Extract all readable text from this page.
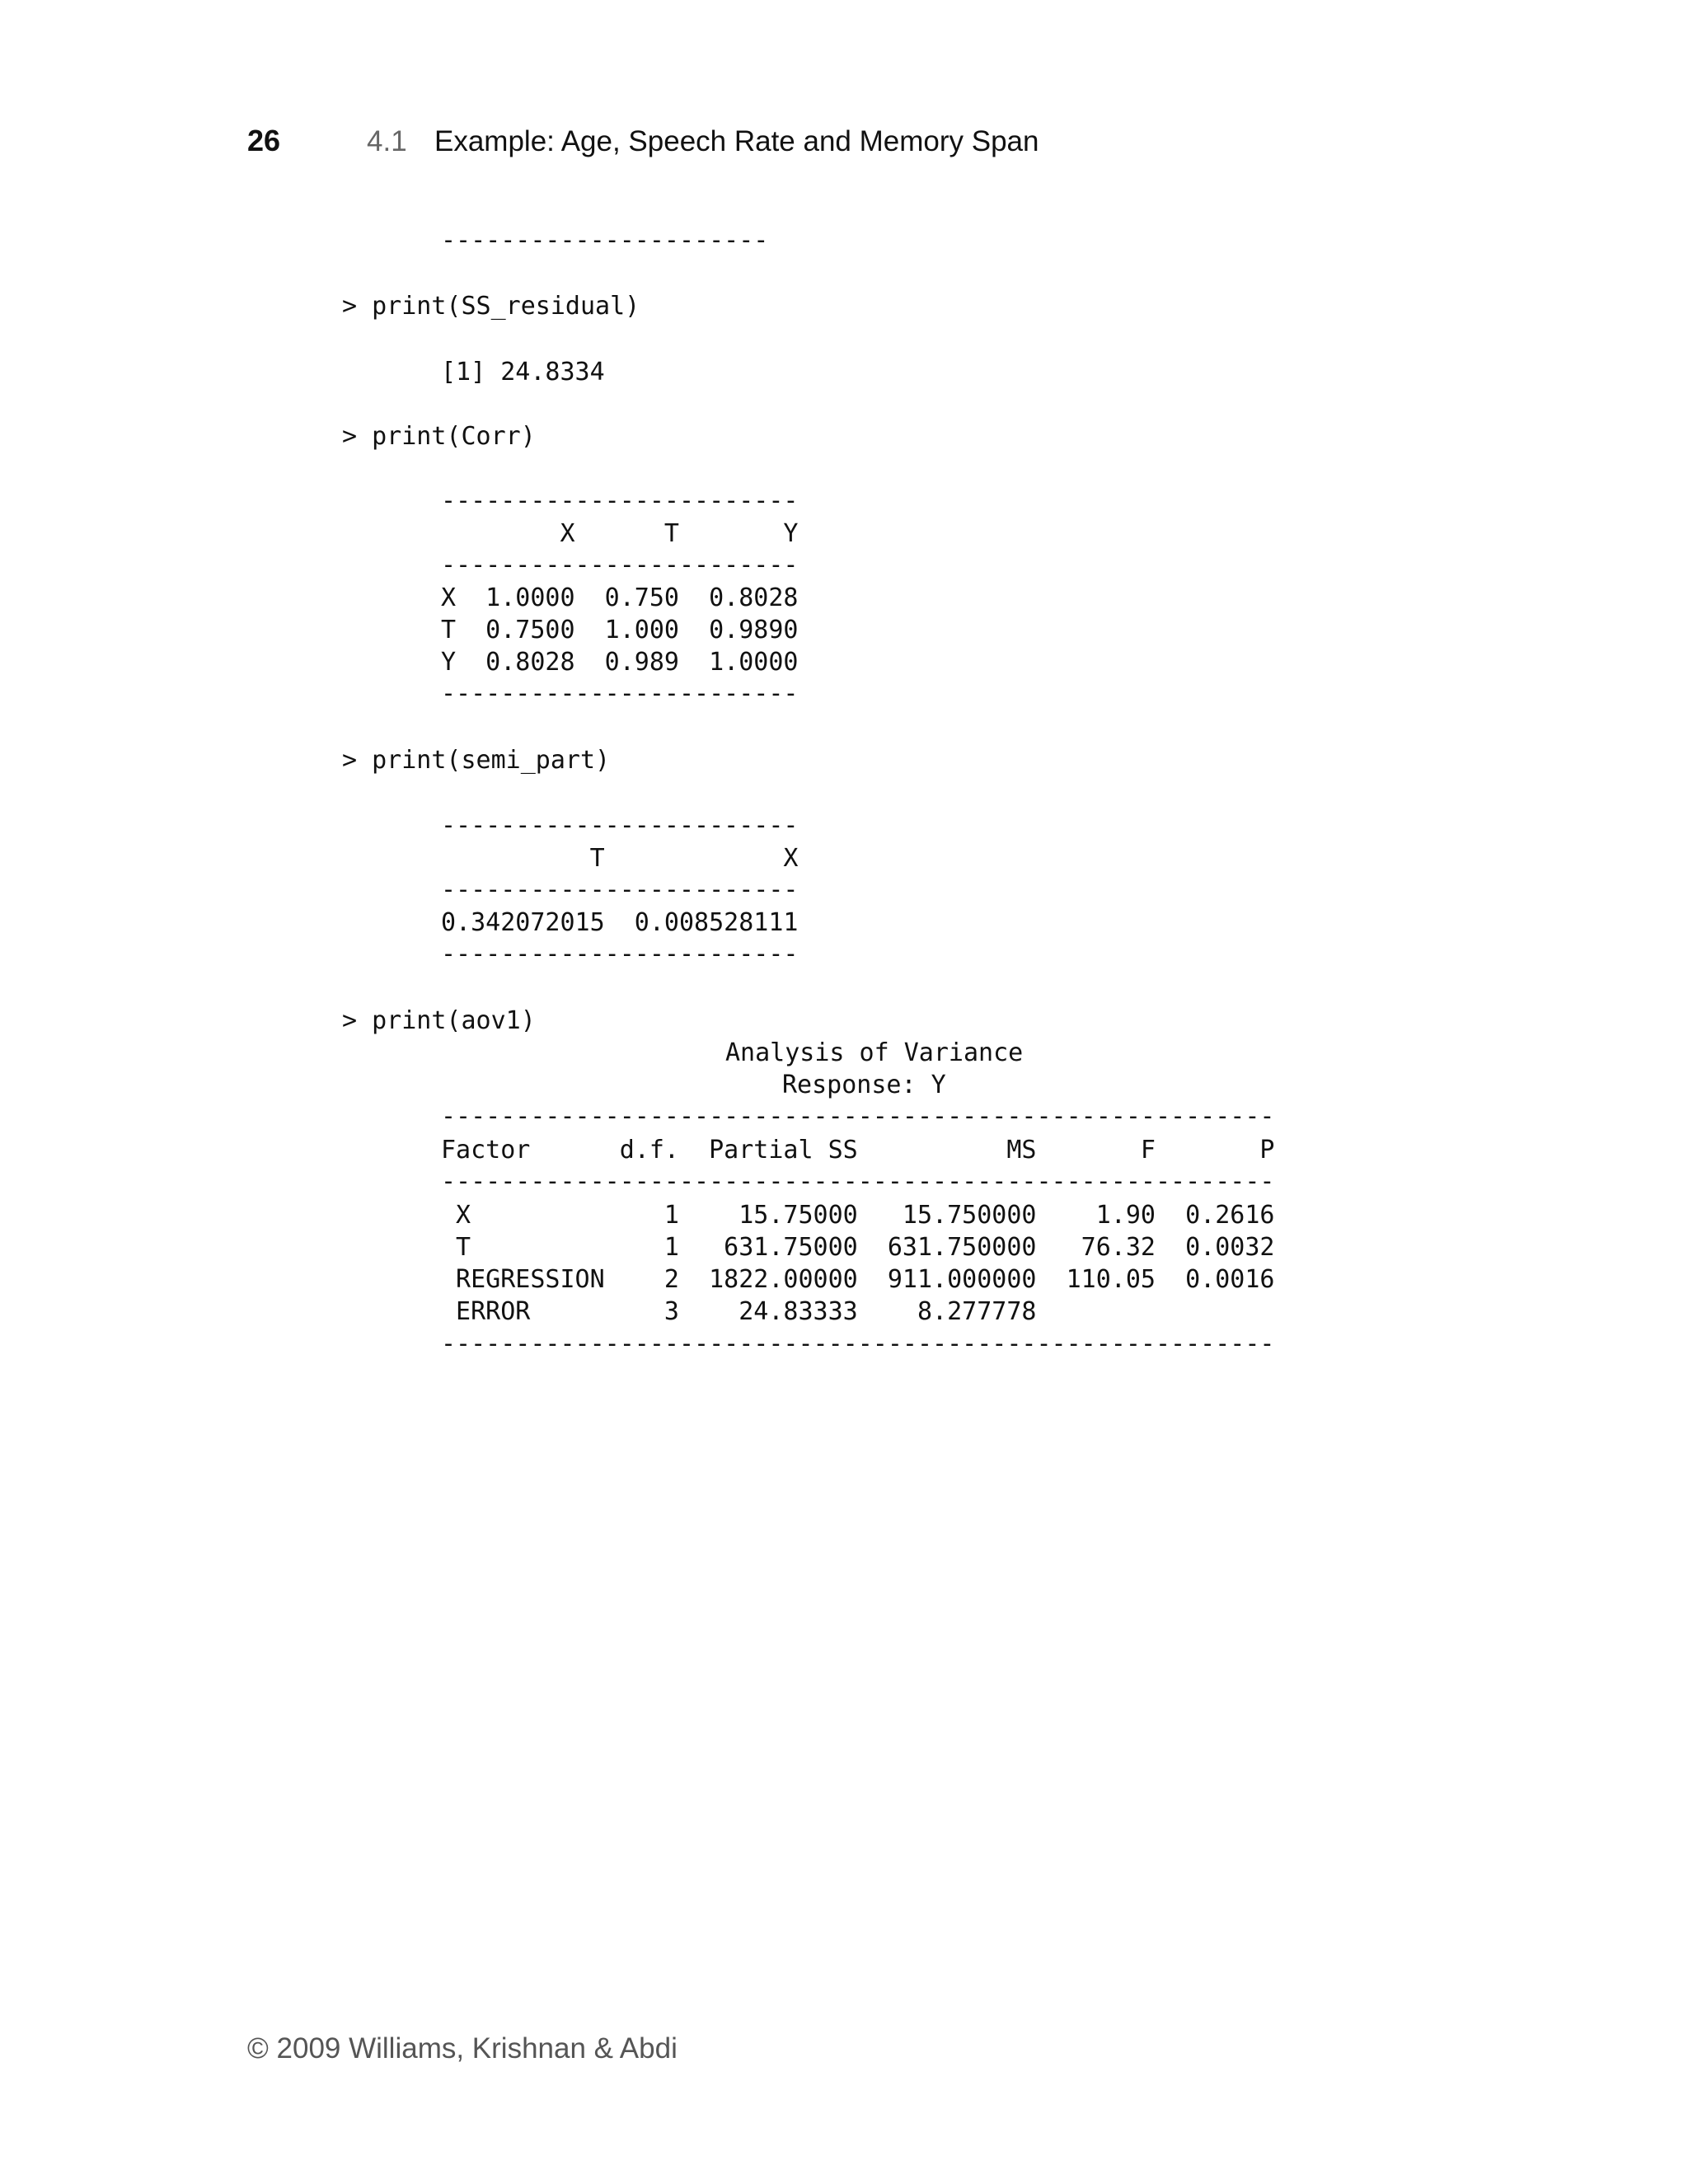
26	4.1 Example: Age, Speech Rate and Memory Span
----------------------
> print(SS_residual)
[1] 24.8334
> print(Corr)
------------------------
X      T       Y
------------------------
X  1.0000  0.750  0.8028
T  0.7500  1.000  0.9890
Y  0.8028  0.989  1.0000
------------------------
> print(semi_part)
------------------------
T            X
------------------------
0.342072015  0.008528111
------------------------
> print(aov1)
Analysis of Variance
Response: Y
--------------------------------------------------------
Factor      d.f.  Partial SS          MS       F       P
--------------------------------------------------------
X             1    15.75000   15.750000    1.90  0.2616
T             1   631.75000  631.750000   76.32  0.0032
REGRESSION    2  1822.00000  911.000000  110.05  0.0016
ERROR         3    24.83333    8.277778
--------------------------------------------------------
© 2009 Williams, Krishnan & Abdi
